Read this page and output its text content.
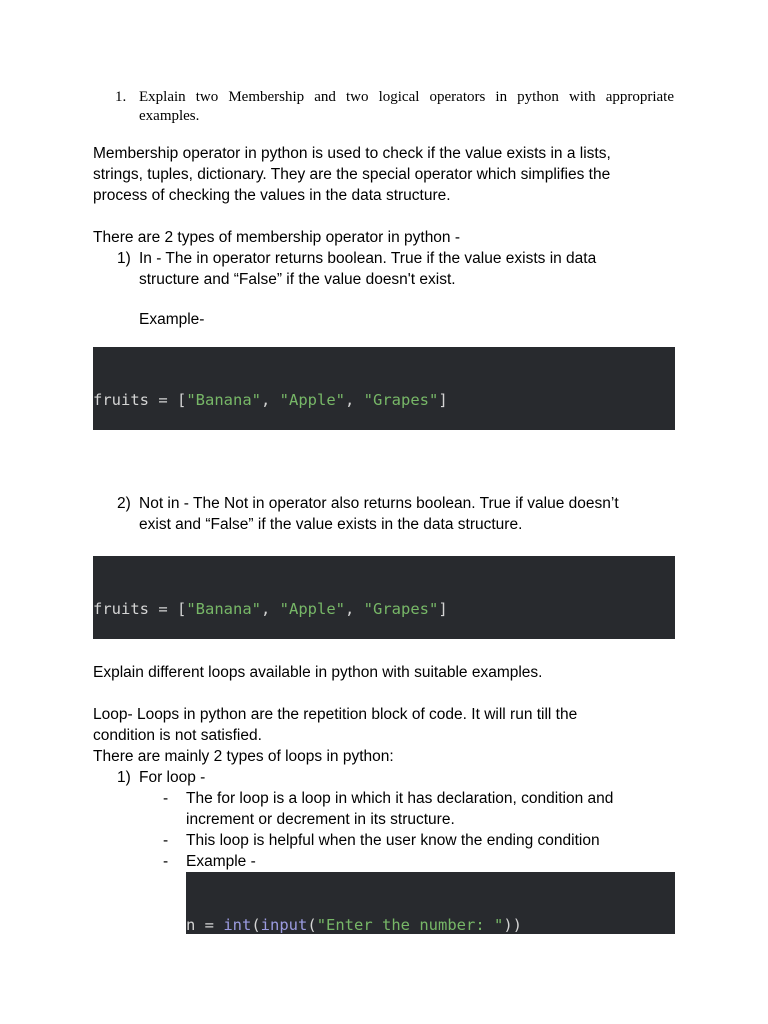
1. Explain two Membership and two logical operators in python with appropriate examples.
Membership operator in python is used to check if the value exists in a lists,
strings, tuples, dictionary. They are the special operator which simplifies the
process of checking the values in the data structure.
There are 2 types of membership operator in python -
1) In - The in operator returns boolean. True if the value exists in data
structure and “False” if the value doesn't exist.
Example-

fruits = ["Banana", "Apple", "Grapes"]

2) Not in - The Not in operator also returns boolean. True if value doesn’t
exist and “False” if the value exists in the data structure.

fruits = ["Banana", "Apple", "Grapes"]

Explain different loops available in python with suitable examples.
Loop- Loops in python are the repetition block of code. It will run till the
condition is not satisfied.
There are mainly 2 types of loops in python:
1) For loop -
- The for loop is a loop in which it has declaration, condition and
increment or decrement in its structure.
- This loop is helpful when the user know the ending condition
- Example -

n = int(input("Enter the number: "))
